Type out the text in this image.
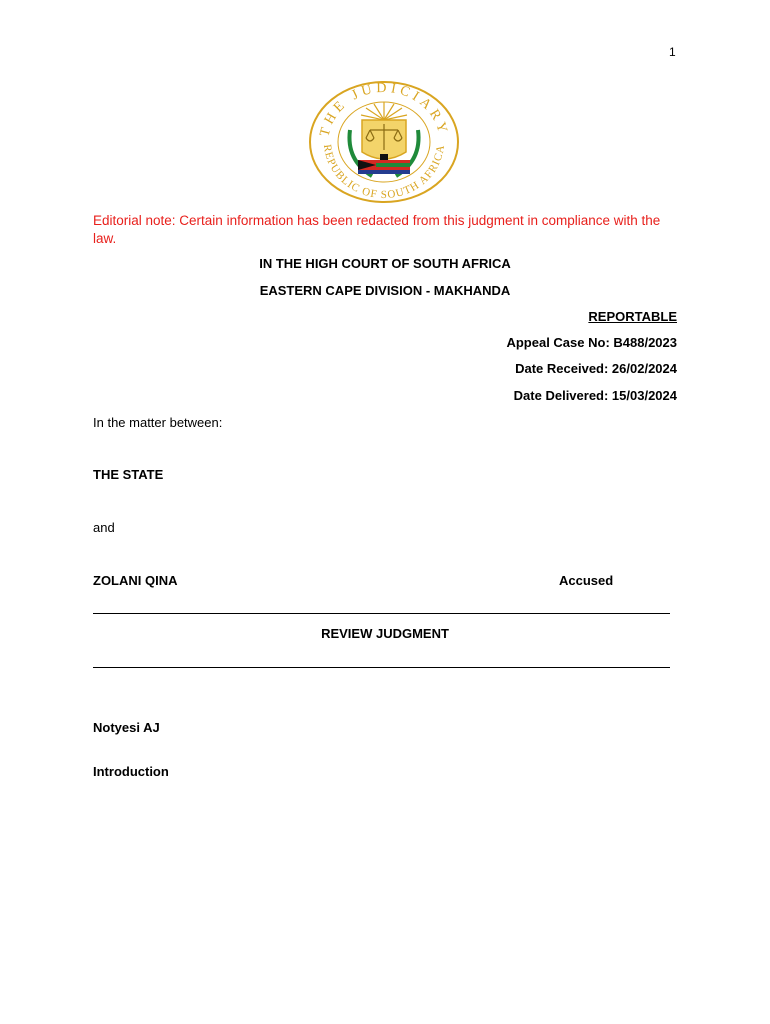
1
THE JUDICIARY
REPUBLIC OF SOUTH AFRICA
Editorial note: Certain information has been redacted from this judgment in compliance with the law.
IN THE HIGH COURT OF SOUTH AFRICA
EASTERN CAPE DIVISION - MAKHANDA
REPORTABLE
Appeal Case No: B488/2023
Date Received: 26/02/2024
Date Delivered: 15/03/2024
In the matter between:
THE STATE
and
ZOLANI QINA	Accused
REVIEW JUDGMENT
Notyesi AJ
Introduction
